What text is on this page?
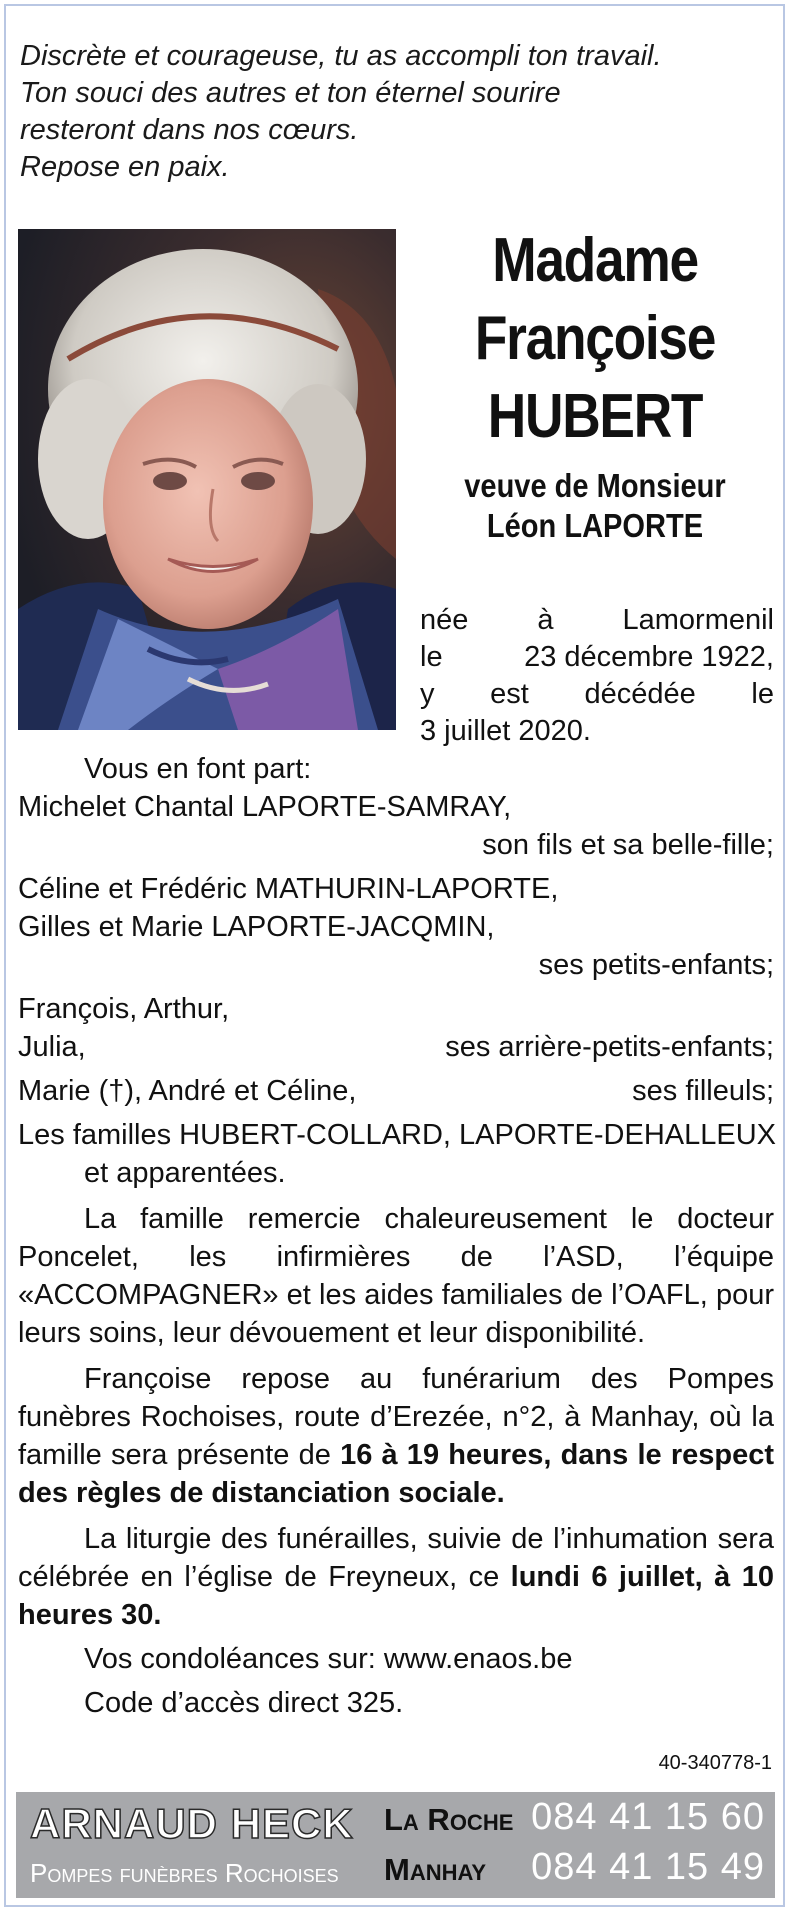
Discrète et courageuse, tu as accompli ton travail.
Ton souci des autres et ton éternel sourire
resteront dans nos cœurs.
Repose en paix.
Madame
Françoise
HUBERT
veuve de Monsieur
Léon LAPORTE
née à Lamormenil
le	23 décembre 1922,
y est décédée le
3 juillet 2020.
Vous en font part:
Michelet Chantal LAPORTE-SAMRAY,
son fils et sa belle-fille;
Céline et Frédéric MATHURIN-LAPORTE,
Gilles et Marie LAPORTE-JACQMIN,
ses petits-enfants;
François, Arthur,
Julia,	ses arrière-petits-enfants;
Marie (†), André et Céline,	ses filleuls;
Les familles HUBERT-COLLARD, LAPORTE-DEHALLEUX
et apparentées.
La famille remercie chaleureusement le docteur Poncelet, les infirmières de l’ASD, l’équipe «ACCOMPAGNER» et les aides familiales de l’OAFL, pour leurs soins, leur dévouement et leur disponibilité.
Françoise repose au funérarium des Pompes funèbres Rochoises, route d’Erezée, n°2, à Manhay, où la famille sera présente de 16 à 19 heures, dans le respect des règles de distanciation sociale.
La liturgie des funérailles, suivie de l’inhumation sera célébrée en l’église de Freyneux, ce lundi 6 juillet, à 10 heures 30.
Vos condoléances sur: www.enaos.be
Code d’accès direct 325.
40-340778-1
ARNAUD HECK
Pompes funèbres Rochoises
La Roche 084 41 15 60
Manhay 084 41 15 49
